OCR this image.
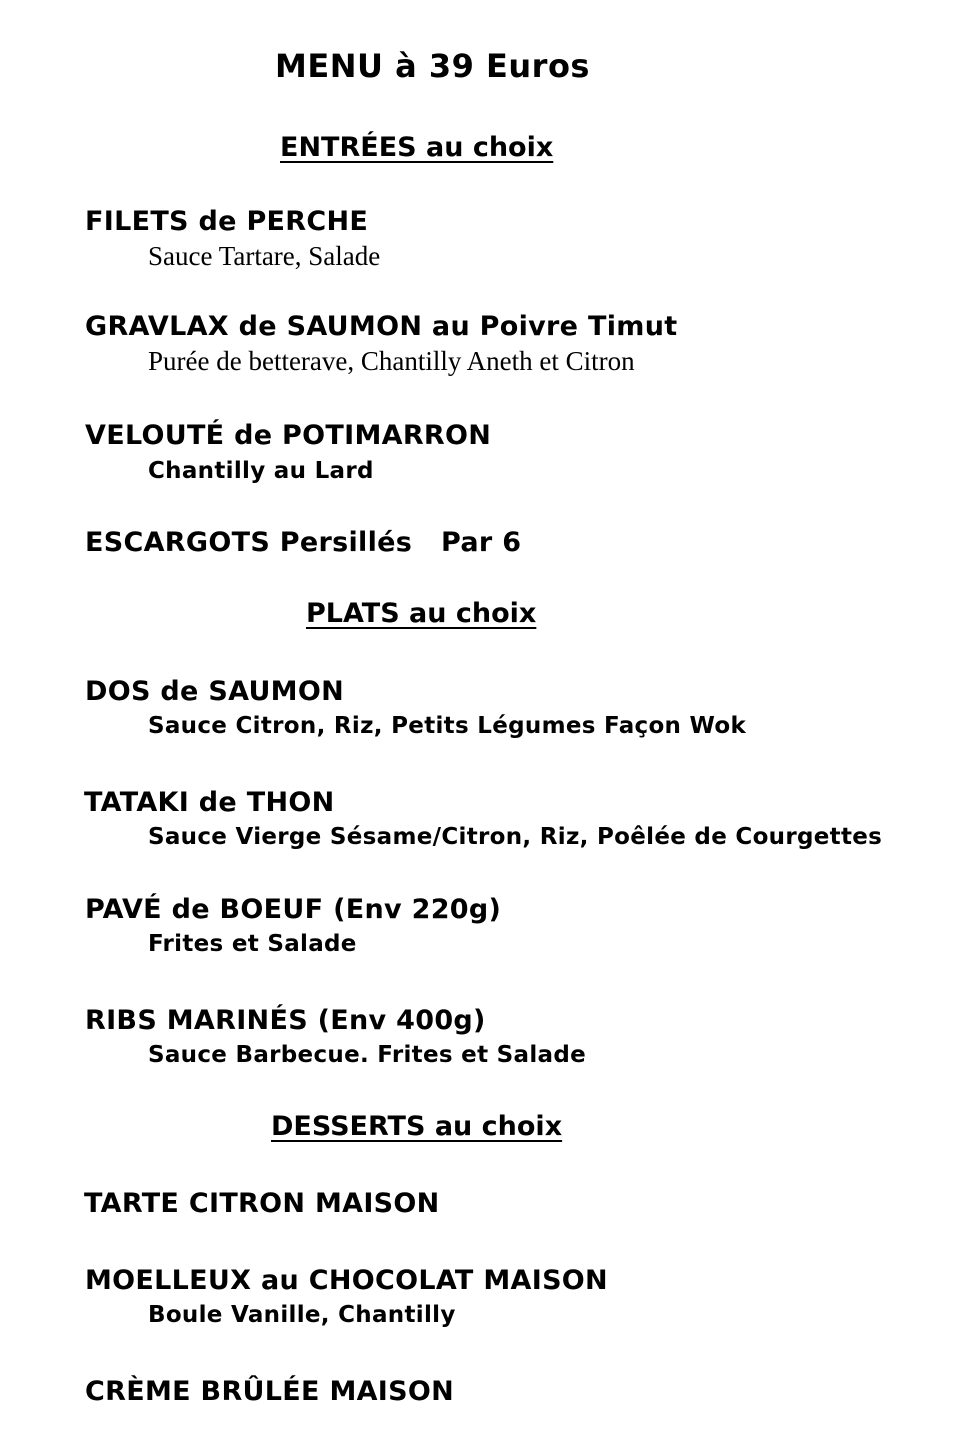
MENU à 39 Euros
ENTRÉES au choix
FILETS de PERCHE
Sauce Tartare, Salade
GRAVLAX de SAUMON au Poivre Timut
Purée de betterave, Chantilly Aneth et Citron
VELOUTÉ de POTIMARRON
Chantilly au Lard
ESCARGOTS Persillés Par 6
PLATS au choix
DOS de SAUMON
Sauce Citron, Riz, Petits Légumes Façon Wok
TATAKI de THON
Sauce Vierge Sésame/Citron, Riz, Poêlée de Courgettes
PAVÉ de BOEUF (Env 220g)
Frites et Salade
RIBS MARINÉS (Env 400g)
Sauce Barbecue. Frites et Salade
DESSERTS au choix
TARTE CITRON MAISON
MOELLEUX au CHOCOLAT MAISON
Boule Vanille, Chantilly
CRÈME BRÛLÉE MAISON
